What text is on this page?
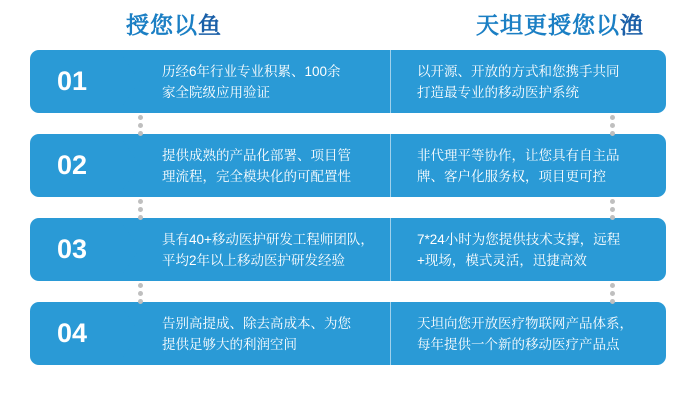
授您以鱼	天坦更授您以渔

历经6年行业专业积累、100余

家全院级应用验证

以开源、开放的方式和您携手共同

打造最专业的移动医护系统

01

提供成熟的产品化部署、项目管

理流程，完全模块化的可配置性

非代理平等协作，让您具有自主品

牌、客户化服务权，项目更可控

02

具有40+移动医护研发工程师团队，

平均2年以上移动医护研发经验

7*24小时为您提供技术支撑，远程

+现场，模式灵活，迅捷高效

03

告别高提成、除去高成本、为您

提供足够大的利润空间

天坦向您开放医疗物联网产品体系，

每年提供一个新的移动医疗产品点

04
